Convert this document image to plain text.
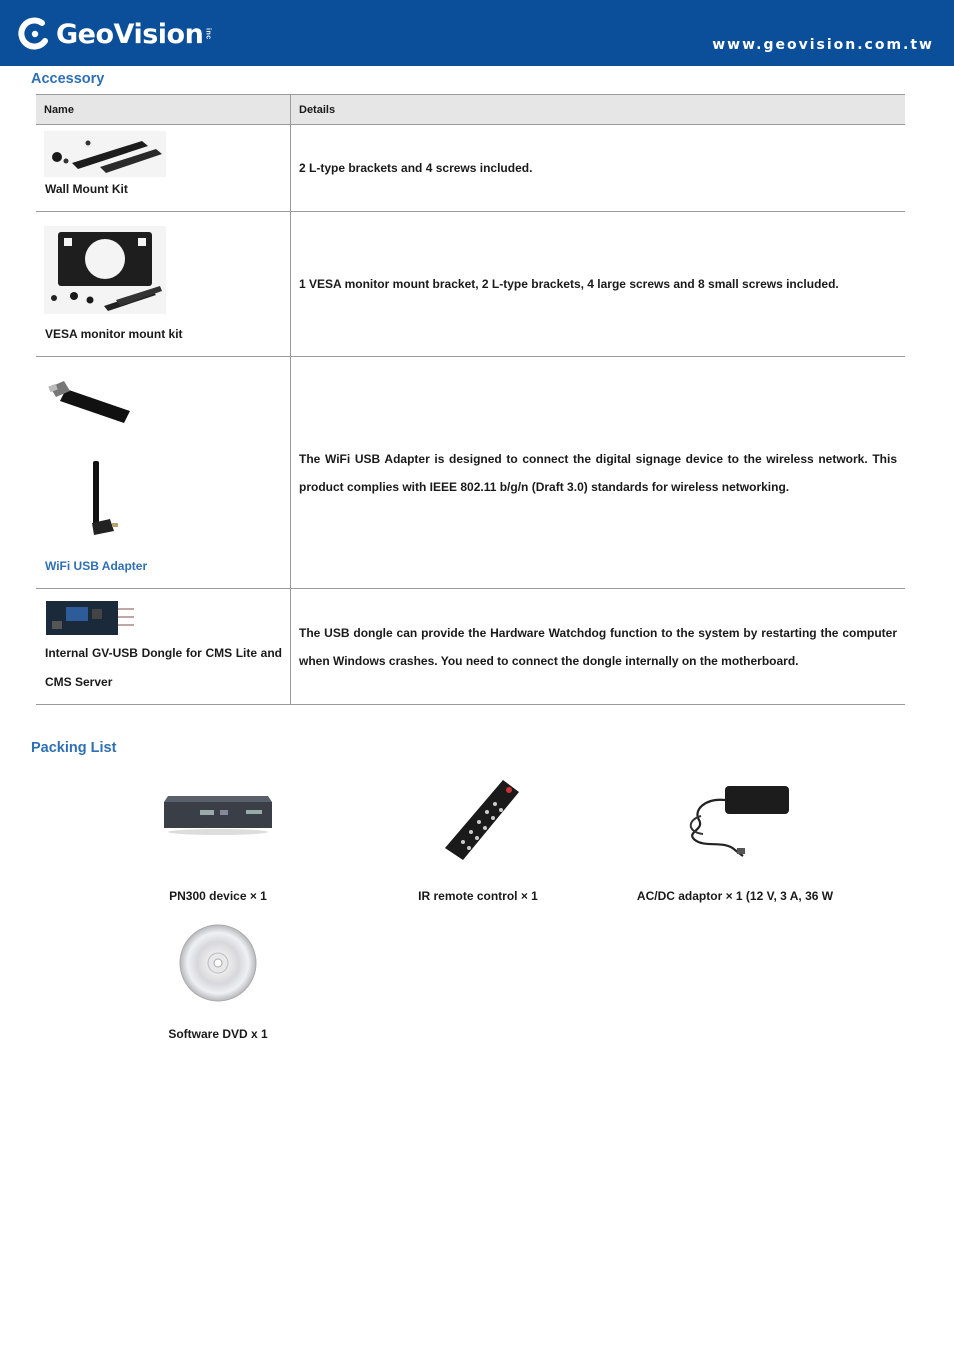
GeoVision inc
www.geovision.com.tw
Accessory
Name	Details

Wall Mount Kit	2 L-type brackets and 4 screws included.

VESA monitor mount kit	1 VESA monitor mount bracket, 2 L-type brackets, 4 large screws and 8 small screws included.

WiFi USB Adapter	The WiFi USB Adapter is designed to connect the digital signage device to the wireless network. This product complies with IEEE 802.11 b/g/n (Draft 3.0) standards for wireless networking.

Internal GV-USB Dongle for CMS Lite and CMS Server	The USB dongle can provide the Hardware Watchdog function to the system by restarting the computer when Windows crashes. You need to connect the dongle internally on the motherboard.
Packing List
PN300 device × 1	IR remote control × 1	AC/DC adaptor × 1 (12 V, 3 A, 36 W
Software DVD x 1
